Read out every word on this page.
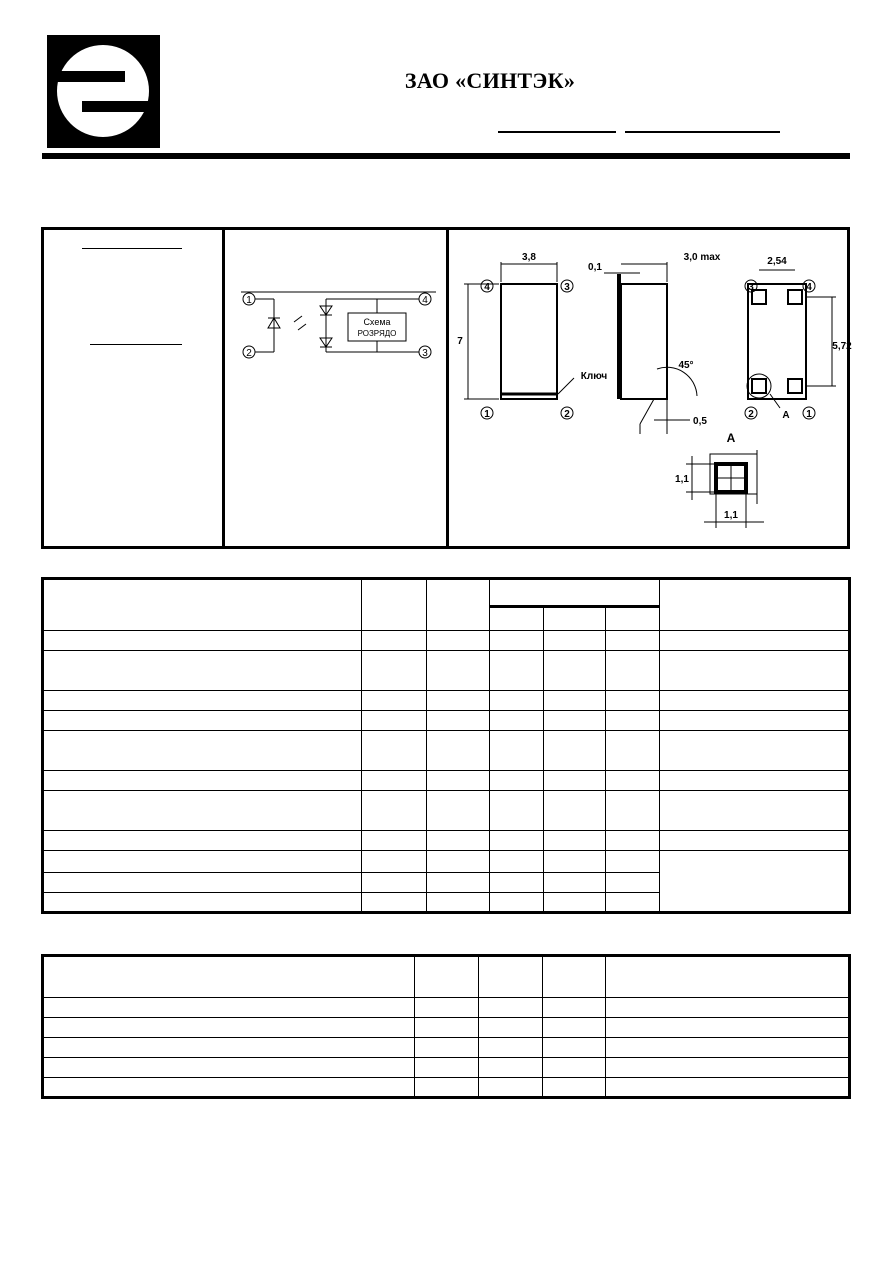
ЗАО «СИНТЭК»
1
2	3
4
Схема
РОЗРЯДО
4	3
1	2
3	4
2	1
3,8
7
0,1
3,0 max	2,54
5,72
45°
0,5
Ключ
A
A
1,1
1,1
